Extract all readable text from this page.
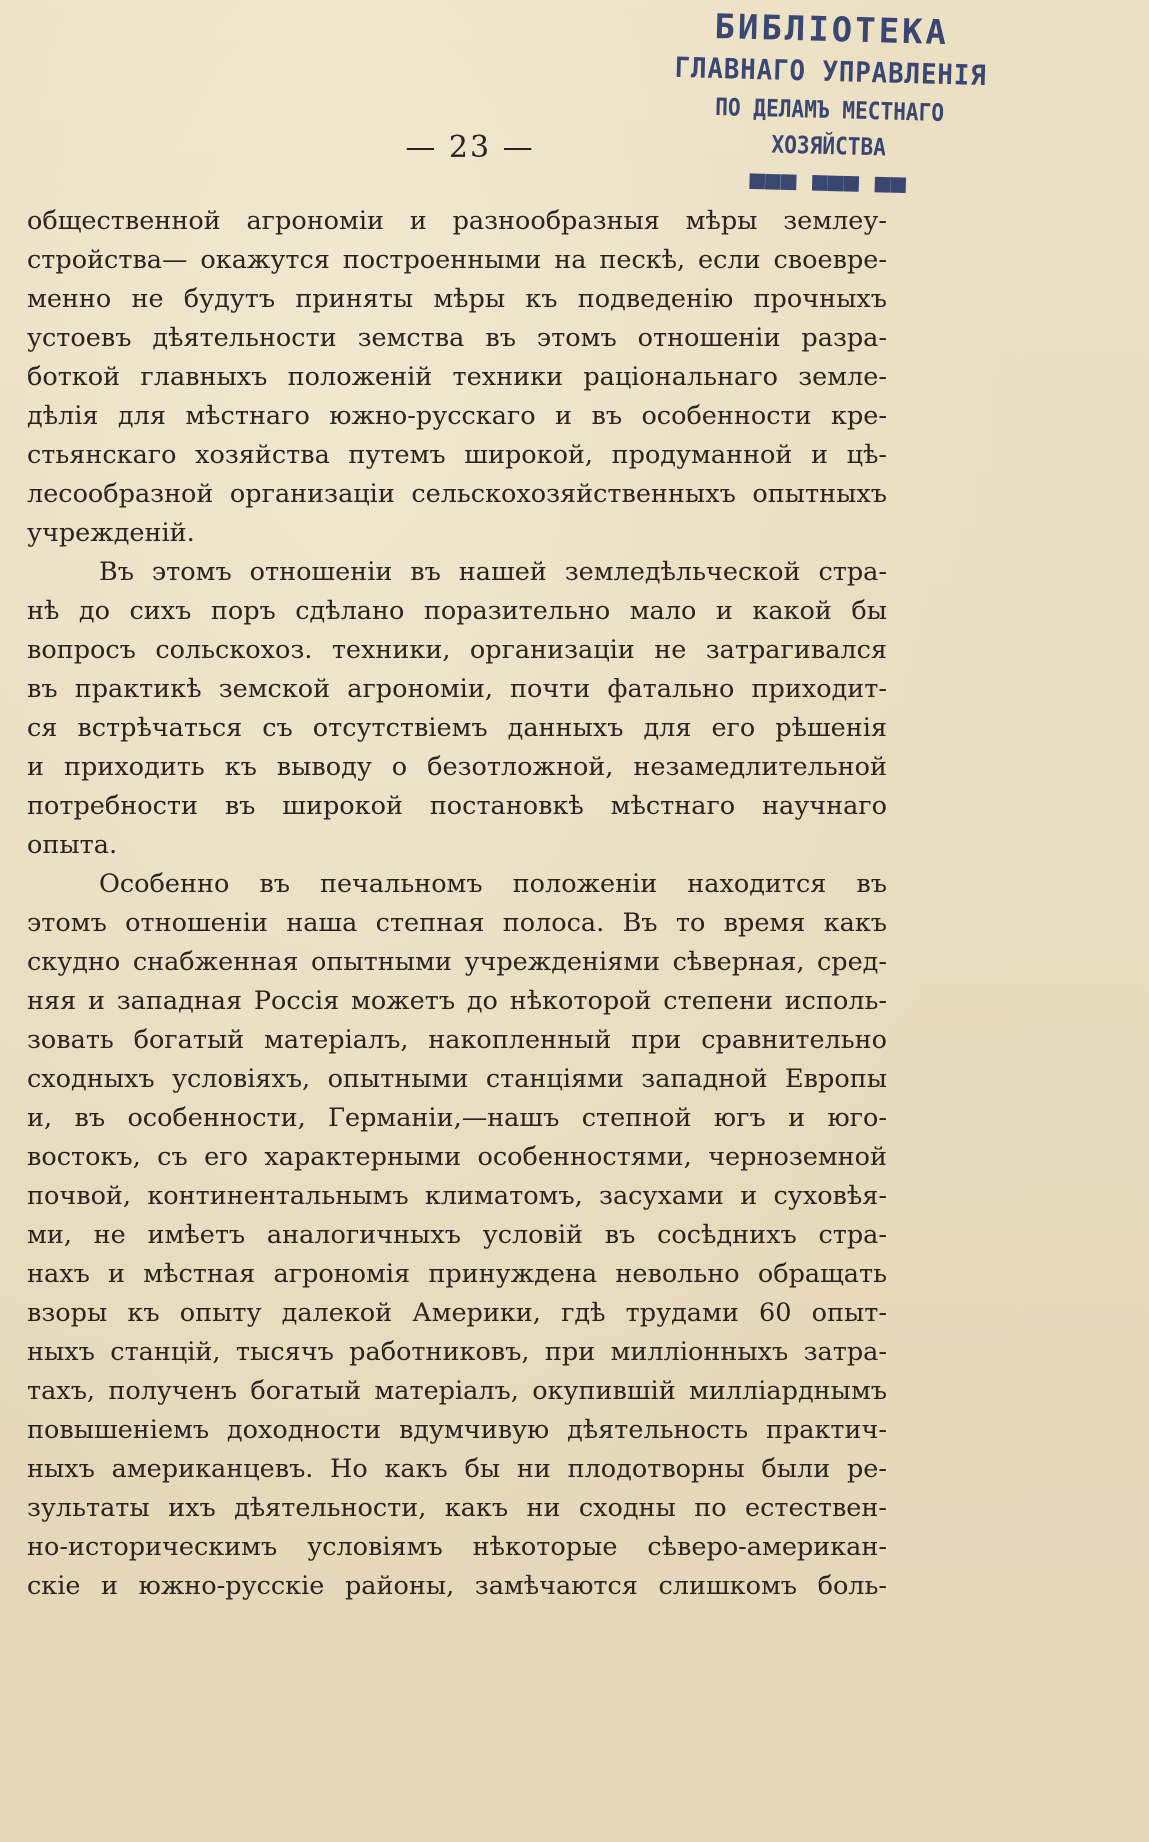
БИБЛІОТЕКА
ГЛАВНАГО УПРАВЛЕНІЯ
ПО ДЕЛАМЪ МЕСТНАГО ХОЗЯЙСТВА
■■■ ■■■ ■■
— 23 —
общественной агрономіи и разнообразныя мѣры землеу-
стройства— окажутся построенными на пескѣ, если своевре-
менно не будутъ приняты мѣры къ подведенію прочныхъ
устоевъ дѣятельности земства въ этомъ отношеніи разра-
боткой главныхъ положеній техники раціональнаго земле-
дѣлія для мѣстнаго южно-русскаго и въ особенности кре-
стьянскаго хозяйства путемъ широкой, продуманной и цѣ-
лесообразной организаціи сельскохозяйственныхъ опытныхъ
учрежденій.
Въ этомъ отношеніи въ нашей земледѣльческой стра-
нѣ до сихъ поръ сдѣлано поразительно мало и какой бы
вопросъ сольскохоз. техники, организаціи не затрагивался
въ практикѣ земской агрономіи, почти фатально приходит-
ся встрѣчаться съ отсутствіемъ данныхъ для его рѣшенія
и приходить къ выводу о безотложной, незамедлительной
потребности въ широкой постановкѣ мѣстнаго научнаго
опыта.
Особенно въ печальномъ положеніи находится въ
этомъ отношеніи наша степная полоса. Въ то время какъ
скудно снабженная опытными учрежденіями сѣверная, сред-
няя и западная Россія можетъ до нѣкоторой степени исполь-
зовать богатый матеріалъ, накопленный при сравнительно
сходныхъ условіяхъ, опытными станціями западной Европы
и, въ особенности, Германіи,—нашъ степной югъ и юго-
востокъ, съ его характерными особенностями, черноземной
почвой, континентальнымъ климатомъ, засухами и суховѣя-
ми, не имѣетъ аналогичныхъ условій въ сосѣднихъ стра-
нахъ и мѣстная агрономія принуждена невольно обращать
взоры къ опыту далекой Америки, гдѣ трудами 60 опыт-
ныхъ станцій, тысячъ работниковъ, при милліонныхъ затра-
тахъ, полученъ богатый матеріалъ, окупившій милліарднымъ
повышеніемъ доходности вдумчивую дѣятельность практич-
ныхъ американцевъ. Но какъ бы ни плодотворны были ре-
зультаты ихъ дѣятельности, какъ ни сходны по естествен-
но-историческимъ условіямъ нѣкоторые сѣверо-американ-
скіе и южно-русскіе районы, замѣчаются слишкомъ боль-
